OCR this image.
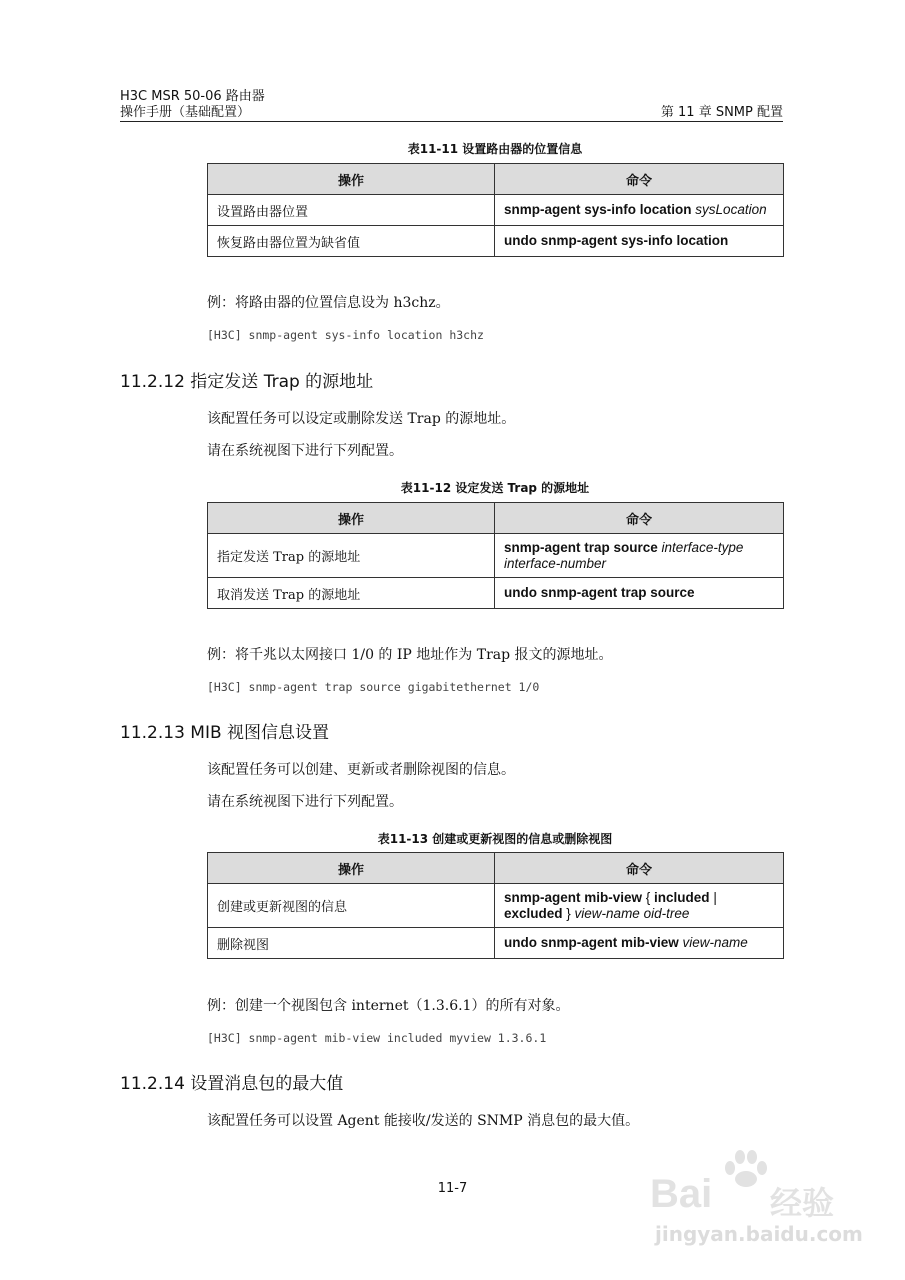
H3C MSR 50-06 路由器
操作手册（基础配置）	第 11 章 SNMP 配置
表11-11 设置路由器的位置信息
操作	命令
设置路由器位置	snmp-agent sys-info location sysLocation
恢复路由器位置为缺省值	undo snmp-agent sys-info location
例：将路由器的位置信息设为 h3chz。
[H3C] snmp-agent sys-info location h3chz
11.2.12 指定发送 Trap 的源地址
该配置任务可以设定或删除发送 Trap 的源地址。
请在系统视图下进行下列配置。
表11-12 设定发送 Trap 的源地址
操作	命令
指定发送 Trap 的源地址	snmp-agent trap source interface-type interface-number
取消发送 Trap 的源地址	undo snmp-agent trap source
例：将千兆以太网接口 1/0 的 IP 地址作为 Trap 报文的源地址。
[H3C] snmp-agent trap source gigabitethernet 1/0
11.2.13 MIB 视图信息设置
该配置任务可以创建、更新或者删除视图的信息。
请在系统视图下进行下列配置。
表11-13 创建或更新视图的信息或删除视图
操作	命令
创建或更新视图的信息	snmp-agent mib-view { included | excluded } view-name oid-tree
删除视图	undo snmp-agent mib-view view-name
例：创建一个视图包含 internet（1.3.6.1）的所有对象。
[H3C] snmp-agent mib-view included myview 1.3.6.1
11.2.14 设置消息包的最大值
该配置任务可以设置 Agent 能接收/发送的 SNMP 消息包的最大值。
11-7	Bai 经验
jingyan.baidu.com
